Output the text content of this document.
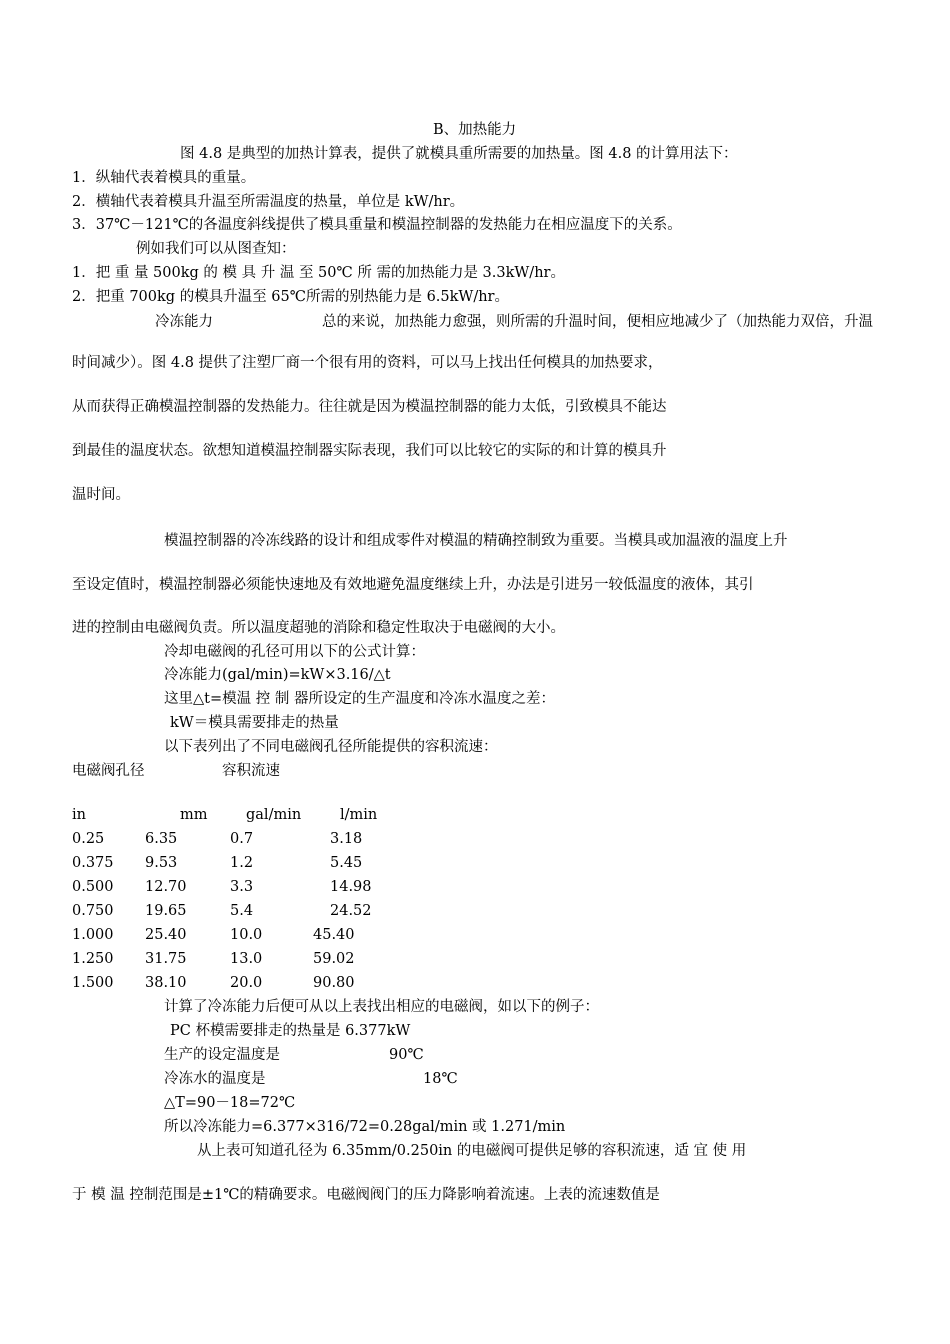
B、加热能力
图 4.8 是典型的加热计算表，提供了就模具重所需要的加热量。图 4.8 的计算用法下：
1．纵轴代表着模具的重量。
2．横轴代表着模具升温至所需温度的热量，单位是 kW/hr。
3．37℃－121℃的各温度斜线提供了模具重量和模温控制器的发热能力在相应温度下的关系。
例如我们可以从图查知：
1．把 重 量 500kg 的 模 具 升 温 至 50℃ 所 需的加热能力是 3.3kW/hr。
2．把重 700kg 的模具升温至 65℃所需的别热能力是 6.5kW/hr。
冷冻能力	总的来说，加热能力愈强，则所需的升温时间，便相应地减少了（加热能力双倍，升温
时间减少）。图 4.8 提供了注塑厂商一个很有用的资料，可以马上找出任何模具的加热要求，
从而获得正确模温控制器的发热能力。往往就是因为模温控制器的能力太低，引致模具不能达
到最佳的温度状态。欲想知道模温控制器实际表现，我们可以比较它的实际的和计算的模具升
温时间。
模温控制器的冷冻线路的设计和组成零件对模温的精确控制致为重要。当模具或加温液的温度上升
至设定值时，模温控制器必须能快速地及有效地避免温度继续上升，办法是引进另一较低温度的液体，其引
进的控制由电磁阀负责。所以温度超驰的消除和稳定性取决于电磁阀的大小。
冷却电磁阀的孔径可用以下的公式计算：
冷冻能力(gal/min)=kW×3.16/△t
这里△t=模温 控 制 器所设定的生产温度和冷冻水温度之差：
kW＝模具需要排走的热量
以下表列出了不同电磁阀孔径所能提供的容积流速：
电磁阀孔径	容积流速
in	mm	gal/min	l/min
0.25	6.35	0.7	3.18
0.375 9.53	1.2	5.45
0.500 12.70	3.3	14.98
0.750 19.65	5.4	24.52
1.000 25.40	10.0	45.40
1.250 31.75	13.0	59.02
1.500 38.10	20.0	90.80
计算了冷冻能力后便可从以上表找出相应的电磁阀，如以下的例子：
PC 杯模需要排走的热量是 6.377kW
生产的设定温度是	90℃
冷冻水的温度是	18℃
△T=90－18=72℃
所以冷冻能力=6.377×316/72=0.28gal/min 或 1.271/min
从上表可知道孔径为 6.35mm/0.250in 的电磁阀可提供足够的容积流速，适 宜 使 用
于 模 温 控制范围是±1℃的精确要求。电磁阀阀门的压力降影响着流速。上表的流速数值是
